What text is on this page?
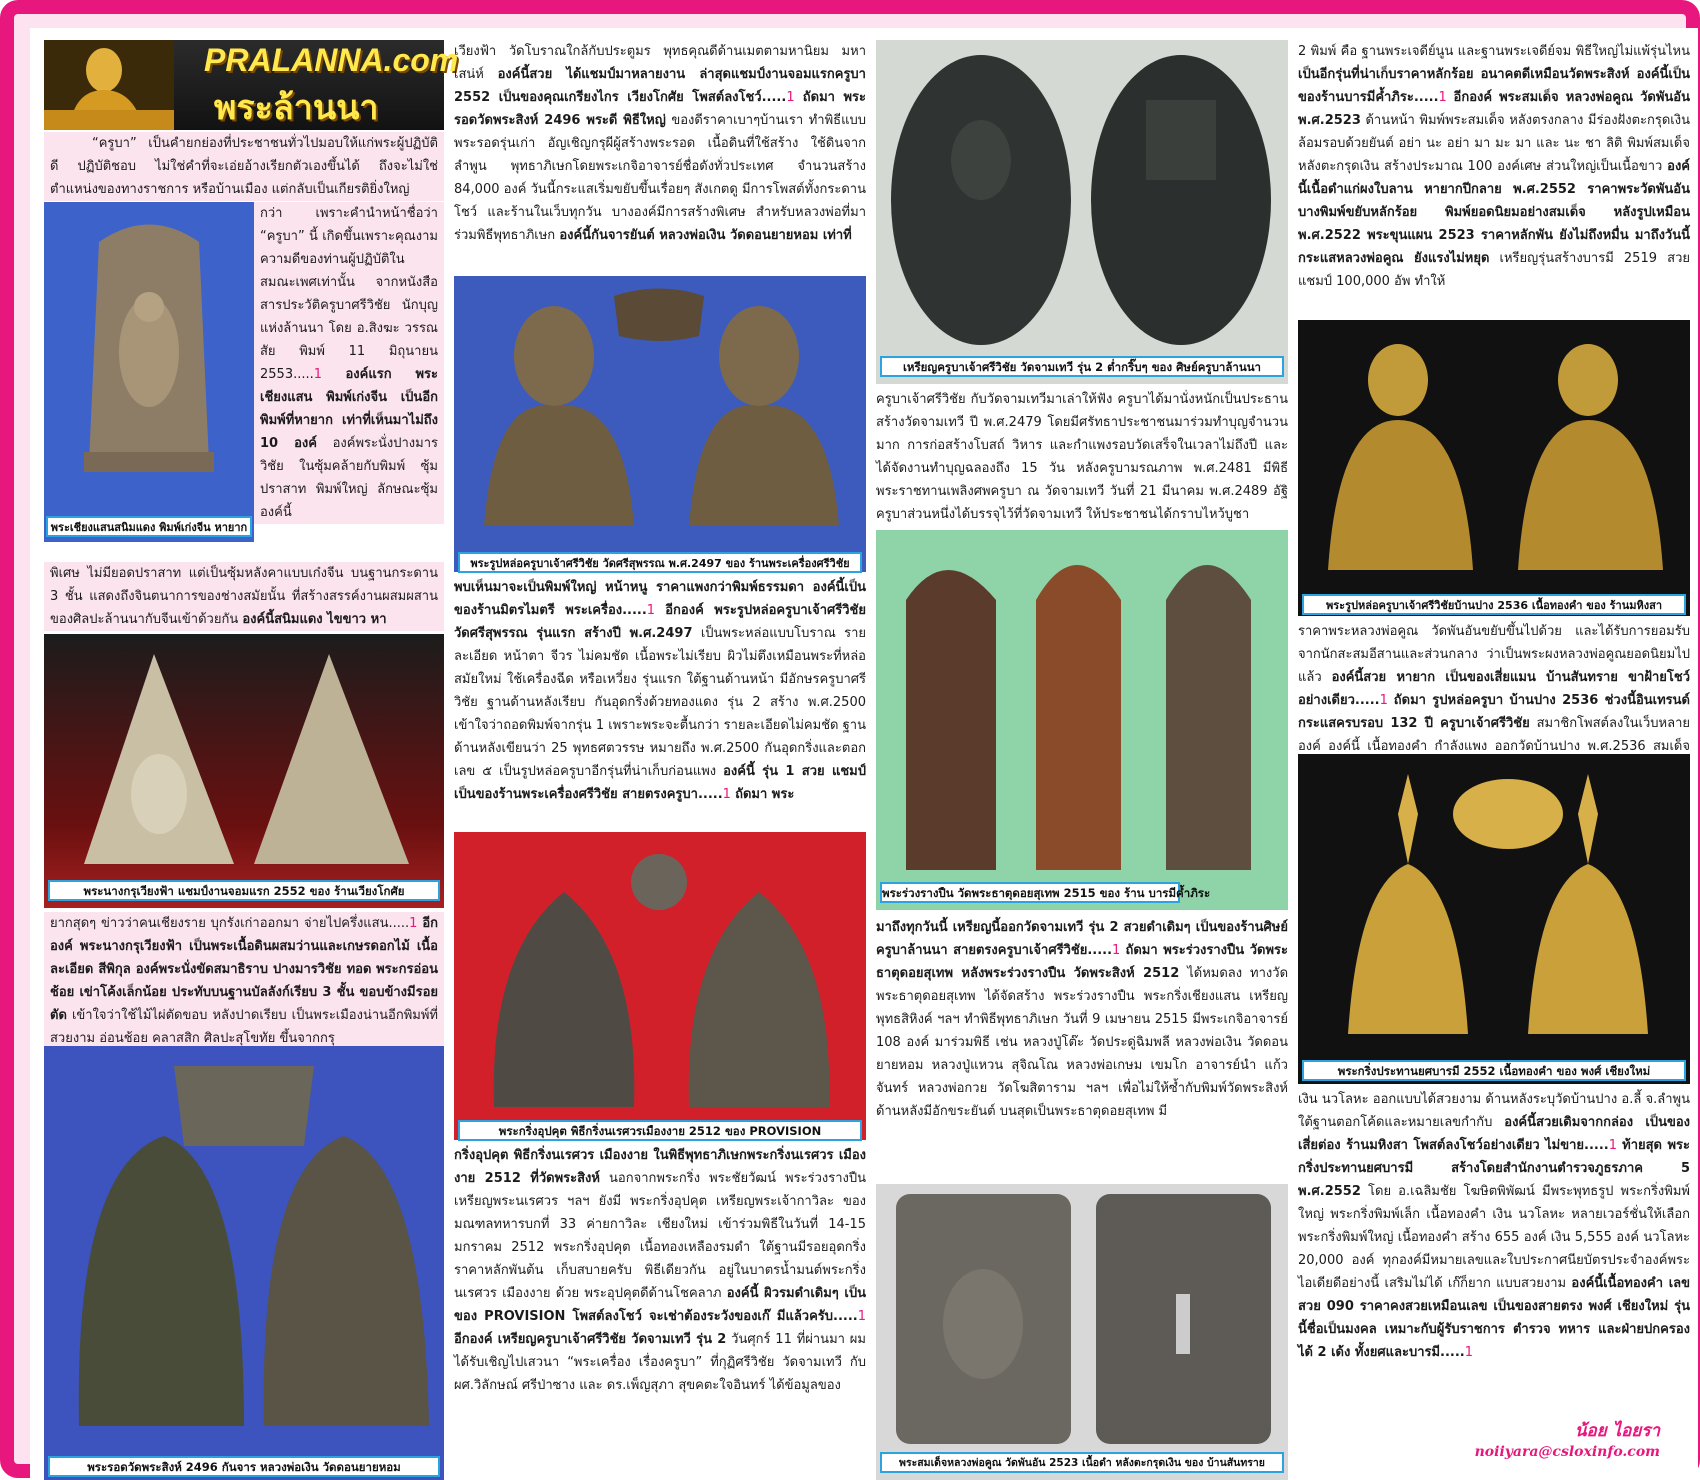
PRALANNA.com
พระล้านนา

“ครูบา” เป็นคำยกย่องที่ประชาชนทั่วไปมอบให้แก่พระผู้ปฏิบัติดี ปฏิบัติชอบ ไม่ใช่คำที่จะเอ่ยอ้างเรียกตัวเองขึ้นได้ ถึงจะไม่ใช่ตำแหน่งของทางราชการ หรือบ้านเมือง แต่กลับเป็นเกียรติยิ่งใหญ่

พระเชียงแสนสนิมแดง พิมพ์เก่งจีน หายาก

กว่า เพราะคำนำหน้าชื่อว่า “ครูบา” นี้ เกิดขึ้นเพราะคุณงามความดีของท่านผู้ปฏิบัติในสมณะเพศเท่านั้น จากหนังสือสารประวัติครูบาศรีวิชัย นักบุญแห่งล้านนา โดย อ.สิงฆะ วรรณสัย พิมพ์ 11 มิถุนายน 2553.....1 องค์แรก พระเชียงแสน พิมพ์เก่งจีน เป็นอีกพิมพ์ที่หายาก เท่าที่เห็นมาไม่ถึง 10 องค์ องค์พระนั่งปางมารวิชัย ในซุ้มคล้ายกับพิมพ์ ซุ้มปราสาท พิมพ์ใหญ่ ลักษณะซุ้มองค์นี้

พิเศษ ไม่มียอดปราสาท แต่เป็นซุ้มหลังคาแบบเก๋งจีน บนฐานกระดาน 3 ชั้น แสดงถึงจินตนาการของช่างสมัยนั้น ที่สร้างสรรค์งานผสมผสานของศิลปะล้านนากับจีนเข้าด้วยกัน องค์นี้สนิมแดง ไขขาว หา

พระนางกรุเวียงฟ้า แชมป์งานจอมแรก 2552 ของ ร้านเวียงโกศัย

ยากสุดๆ ข่าวว่าคนเชียงราย บุกรังเก่าออกมา จ่ายไปครึ่งแสน.....1 อีกองค์ พระนางกรุเวียงฟ้า เป็นพระเนื้อดินผสมว่านและเกษรดอกไม้ เนื้อละเอียด สีพิกุล องค์พระนั่งขัดสมาธิราบ ปางมารวิชัย ทอด พระกรอ่อนช้อย เข่าโค้งเล็กน้อย ประทับบนฐานบัลลังก์เรียบ 3 ชั้น ขอบข้างมีรอยตัด เข้าใจว่าใช้ไม้ไผ่ตัดขอบ หลังปาดเรียบ เป็นพระเมืองน่านอีกพิมพ์ที่สวยงาม อ่อนช้อย คลาสสิก ศิลปะสุโขทัย ขึ้นจากกรุ

พระรอดวัดพระสิงห์ 2496 กันจาร หลวงพ่อเงิน วัดดอนยายหอม

เวียงฟ้า วัดโบราณใกล้กับประตูมร พุทธคุณดีด้านเมตตามหานิยม มหาเสน่ห์ องค์นี้สวย ได้แชมป์มาหลายงาน ล่าสุดแชมป์งานจอมแรกครูบา 2552 เป็นของคุณเกรียงไกร เวียงโกศัย โพสต์ลงโชว์.....1 ถัดมา พระรอดวัดพระสิงห์ 2496 พระดี พิธีใหญ่ ของดีราคาเบาๆบ้านเรา ทำพิธีแบบพระรอดรุ่นเก่า อัญเชิญกรุผีผู้สร้างพระรอด เนื้อดินที่ใช้สร้าง ใช้ดินจากลำพูน พุทธาภิเษกโดยพระเกจิอาจารย์ชื่อดังทั่วประเทศ จำนวนสร้าง 84,000 องค์ วันนี้กระแสเริ่มขยับขึ้นเรื่อยๆ สังเกตดู มีการโพสต์ทั้งกระดานโชว์ และร้านในเว็บทุกวัน บางองค์มีการสร้างพิเศษ สำหรับหลวงพ่อที่มาร่วมพิธีพุทธาภิเษก องค์นี้กันจารยันต์ หลวงพ่อเงิน วัดดอนยายหอม เท่าที่

พระรูปหล่อครูบาเจ้าศรีวิชัย วัดศรีสุพรรณ พ.ศ.2497 ของ ร้านพระเครื่องศรีวิชัย

พบเห็นมาจะเป็นพิมพ์ใหญ่ หน้าหนู ราคาแพงกว่าพิมพ์ธรรมดา องค์นี้เป็นของร้านมิตรไมตรี พระเครื่อง.....1 อีกองค์ พระรูปหล่อครูบาเจ้าศรีวิชัย วัดศรีสุพรรณ รุ่นแรก สร้างปี พ.ศ.2497 เป็นพระหล่อแบบโบราณ รายละเอียด หน้าตา จีวร ไม่คมชัด เนื้อพระไม่เรียบ ผิวไม่ตึงเหมือนพระที่หล่อสมัยใหม่ ใช้เครื่องฉีด หรือเหวี่ยง รุ่นแรก ใต้ฐานด้านหน้า มีอักษรครูบาศรีวิชัย ฐานด้านหลังเรียบ กันอุดกริ่งด้วยทองแดง รุ่น 2 สร้าง พ.ศ.2500 เข้าใจว่าถอดพิมพ์จากรุ่น 1 เพราะพระจะตื้นกว่า รายละเอียดไม่คมชัด ฐานด้านหลังเขียนว่า 25 พุทธศตวรรษ หมายถึง พ.ศ.2500 กันอุดกริ่งและตอกเลข ๕ เป็นรูปหล่อครูบาอีกรุ่นที่น่าเก็บก่อนแพง องค์นี้ รุ่น 1 สวย แชมป์ เป็นของร้านพระเครื่องศรีวิชัย สายตรงครูบา.....1 ถัดมา พระ

พระกริ่งอุปคุต พิธีกริ่งนเรศวรเมืองงาย 2512 ของ PROVISION

กริ่งอุปคุต พิธีกริ่งนเรศวร เมืองงาย ในพิธีพุทธาภิเษกพระกริ่งนเรศวร เมืองงาย 2512 ที่วัดพระสิงห์ นอกจากพระกริ่ง พระชัยวัฒน์ พระร่วงรางปืน เหรียญพระนเรศวร ฯลฯ ยังมี พระกริ่งอุปคุต เหรียญพระเจ้ากาวิละ ของมณฑลทหารบกที่ 33 ค่ายกาวิละ เชียงใหม่ เข้าร่วมพิธีในวันที่ 14-15 มกราคม 2512 พระกริ่งอุปคุต เนื้อทองเหลืองรมดำ ใต้ฐานมีรอยอุดกริ่ง ราคาหลักพันต้น เก็บสบายครับ พิธีเดียวกัน อยู่ในบาตรน้ำมนต์พระกริ่งนเรศวร เมืองงาย ด้วย พระอุปคุตดีด้านโชคลาภ องค์นี้ ผิวรมดำเดิมๆ เป็นของ PROVISION โพสต์ลงโชว์ จะเช่าต้องระวังของเก๊ มีแล้วครับ.....1 อีกองค์ เหรียญครูบาเจ้าศรีวิชัย วัดจามเทวี รุ่น 2 วันศุกร์ 11 ที่ผ่านมา ผมได้รับเชิญไปเสวนา “พระเครื่อง เรื่องครูบา” ที่กุฏิศรีวิชัย วัดจามเทวี กับ ผศ.วิลักษณ์ ศรีป่าซาง และ ดร.เพ็ญสุภา สุขคตะใจอินทร์ ได้ข้อมูลของ

เหรียญครูบาเจ้าศรีวิชัย วัดจามเทวี รุ่น 2 ต่ำกริ๊บๆ ของ ศิษย์ครูบาล้านนา

ครูบาเจ้าศรีวิชัย กับวัดจามเทวีมาเล่าให้ฟัง ครูบาได้มานั่งหนักเป็นประธานสร้างวัดจามเทวี ปี พ.ศ.2479 โดยมีศรัทธาประชาชนมาร่วมทำบุญจำนวนมาก การก่อสร้างโบสถ์ วิหาร และกำแพงรอบวัดเสร็จในเวลาไม่ถึงปี และได้จัดงานทำบุญฉลองถึง 15 วัน หลังครูบามรณภาพ พ.ศ.2481 มีพิธีพระราชทานเพลิงศพครูบา ณ วัดจามเทวี วันที่ 21 มีนาคม พ.ศ.2489 อัฐิครูบาส่วนหนึ่งได้บรรจุไว้ที่วัดจามเทวี ให้ประชาชนได้กราบไหว้บูชา

พระร่วงรางปืน วัดพระธาตุดอยสุเทพ 2515 ของ ร้าน บารมีค้ำภิระ

มาถึงทุกวันนี้ เหรียญนี้ออกวัดจามเทวี รุ่น 2 สวยดำเดิมๆ เป็นของร้านศิษย์ครูบาล้านนา สายตรงครูบาเจ้าศรีวิชัย.....1 ถัดมา พระร่วงรางปืน วัดพระธาตุดอยสุเทพ หลังพระร่วงรางปืน วัดพระสิงห์ 2512 ได้หมดลง ทางวัดพระธาตุดอยสุเทพ ได้จัดสร้าง พระร่วงรางปืน พระกริ่งเชียงแสน เหรียญพุทธสิหิงค์ ฯลฯ ทำพิธีพุทธาภิเษก วันที่ 9 เมษายน 2515 มีพระเกจิอาจารย์ 108 องค์ มาร่วมพิธี เช่น หลวงปู่โต๊ะ วัดประดู่ฉิมพลี หลวงพ่อเงิน วัดดอนยายหอม หลวงปู่แหวน สุจิณโณ หลวงพ่อเกษม เขมโก อาจารย์นำ แก้วจันทร์ หลวงพ่อกวย วัดโฆสิตาราม ฯลฯ เพื่อไม่ให้ซ้ำกับพิมพ์วัดพระสิงห์ ด้านหลังมีอักขระยันต์ บนสุดเป็นพระธาตุดอยสุเทพ มี

พระสมเด็จหลวงพ่อคูณ วัดพันอัน 2523 เนื้อดำ หลังตะกรุดเงิน ของ บ้านสันทราย

2 พิมพ์ คือ ฐานพระเจดีย์นูน และฐานพระเจดีย์จม พิธีใหญ่ไม่แพ้รุ่นไหน เป็นอีกรุ่นที่น่าเก็บราคาหลักร้อย อนาคตดีเหมือนวัดพระสิงห์ องค์นี้เป็นของร้านบารมีค้ำภิระ.....1 อีกองค์ พระสมเด็จ หลวงพ่อคูณ วัดพันอัน พ.ศ.2523 ด้านหน้า พิมพ์พระสมเด็จ หลังตรงกลาง มีร่องฝังตะกรุดเงิน ล้อมรอบด้วยยันต์ อย่า นะ อย่า มา มะ มา และ นะ ชา ลิติ พิมพ์สมเด็จ หลังตะกรุดเงิน สร้างประมาณ 100 องค์เศษ ส่วนใหญ่เป็นเนื้อขาว องค์นี้เนื้อดำแก่ผงใบลาน หายากปีกลาย พ.ศ.2552 ราคาพระวัดพันอัน บางพิมพ์ขยับหลักร้อย พิมพ์ยอดนิยมอย่างสมเด็จ หลังรูปเหมือน พ.ศ.2522 พระขุนแผน 2523 ราคาหลักพัน ยังไม่ถึงหมื่น มาถึงวันนี้ กระแสหลวงพ่อคูณ ยังแรงไม่หยุด เหรียญรุ่นสร้างบารมี 2519 สวยแชมป์ 100,000 อัพ ทำให้

พระรูปหล่อครูบาเจ้าศรีวิชัยบ้านปาง 2536 เนื้อทองคำ ของ ร้านมหิงสา

ราคาพระหลวงพ่อคูณ วัดพันอันขยับขึ้นไปด้วย และได้รับการยอมรับจากนักสะสมอีสานและส่วนกลาง ว่าเป็นพระผงหลวงพ่อคูณยอดนิยมไปแล้ว องค์นี้สวย หายาก เป็นของเสี่ยแมน บ้านสันทราย ขาฝ้ายโชว์อย่างเดียว.....1 ถัดมา รูปหล่อครูบา บ้านปาง 2536 ช่วงนี้อินเทรนด์ กระแสครบรอบ 132 ปี ครูบาเจ้าศรีวิชัย สมาชิกโพสต์ลงในเว็บหลายองค์ องค์นี้ เนื้อทองคำ กำลังแพง ออกวัดบ้านปาง พ.ศ.2536 สมเด็จ

พระกริ่งประทานยศบารมี 2552 เนื้อทองคำ ของ พงศ์ เชียงใหม่

เงิน นวโลหะ ออกแบบได้สวยงาม ด้านหลังระบุวัดบ้านปาง อ.ลี้ จ.ลำพูน ใต้ฐานตอกโค้ดและหมายเลขกำกับ องค์นี้สวยเดิมจากกล่อง เป็นของเสี่ยต่อง ร้านมหิงสา โพสต์ลงโชว์อย่างเดียว ไม่ขาย.....1 ท้ายสุด พระกริ่งประทานยศบารมี สร้างโดยสำนักงานตำรวจภูธรภาค 5 พ.ศ.2552 โดย อ.เฉลิมชัย โฆษิตพิพัฒน์ มีพระพุทธรูป พระกริ่งพิมพ์ใหญ่ พระกริ่งพิมพ์เล็ก เนื้อทองคำ เงิน นวโลหะ หลายเวอร์ชั่นให้เลือก พระกริ่งพิมพ์ใหญ่ เนื้อทองคำ สร้าง 655 องค์ เงิน 5,555 องค์ นวโลหะ 20,000 องค์ ทุกองค์มีหมายเลขและใบประกาศนียบัตรประจำองค์พระ ไอเดียดีอย่างนี้ เสริมไม่ได้ เก๊ก็ยาก แบบสวยงาม องค์นี้เนื้อทองคำ เลขสวย 090 ราคาคงสวยเหมือนเลข เป็นของสายตรง พงศ์ เชียงใหม่ รุ่นนี้ชื่อเป็นมงคล เหมาะกับผู้รับราชการ ตำรวจ ทหาร และฝ่ายปกครอง ได้ 2 เด้ง ทั้งยศและบารมี.....1

น้อย ไอยรา
noiiyara@csloxinfo.com
